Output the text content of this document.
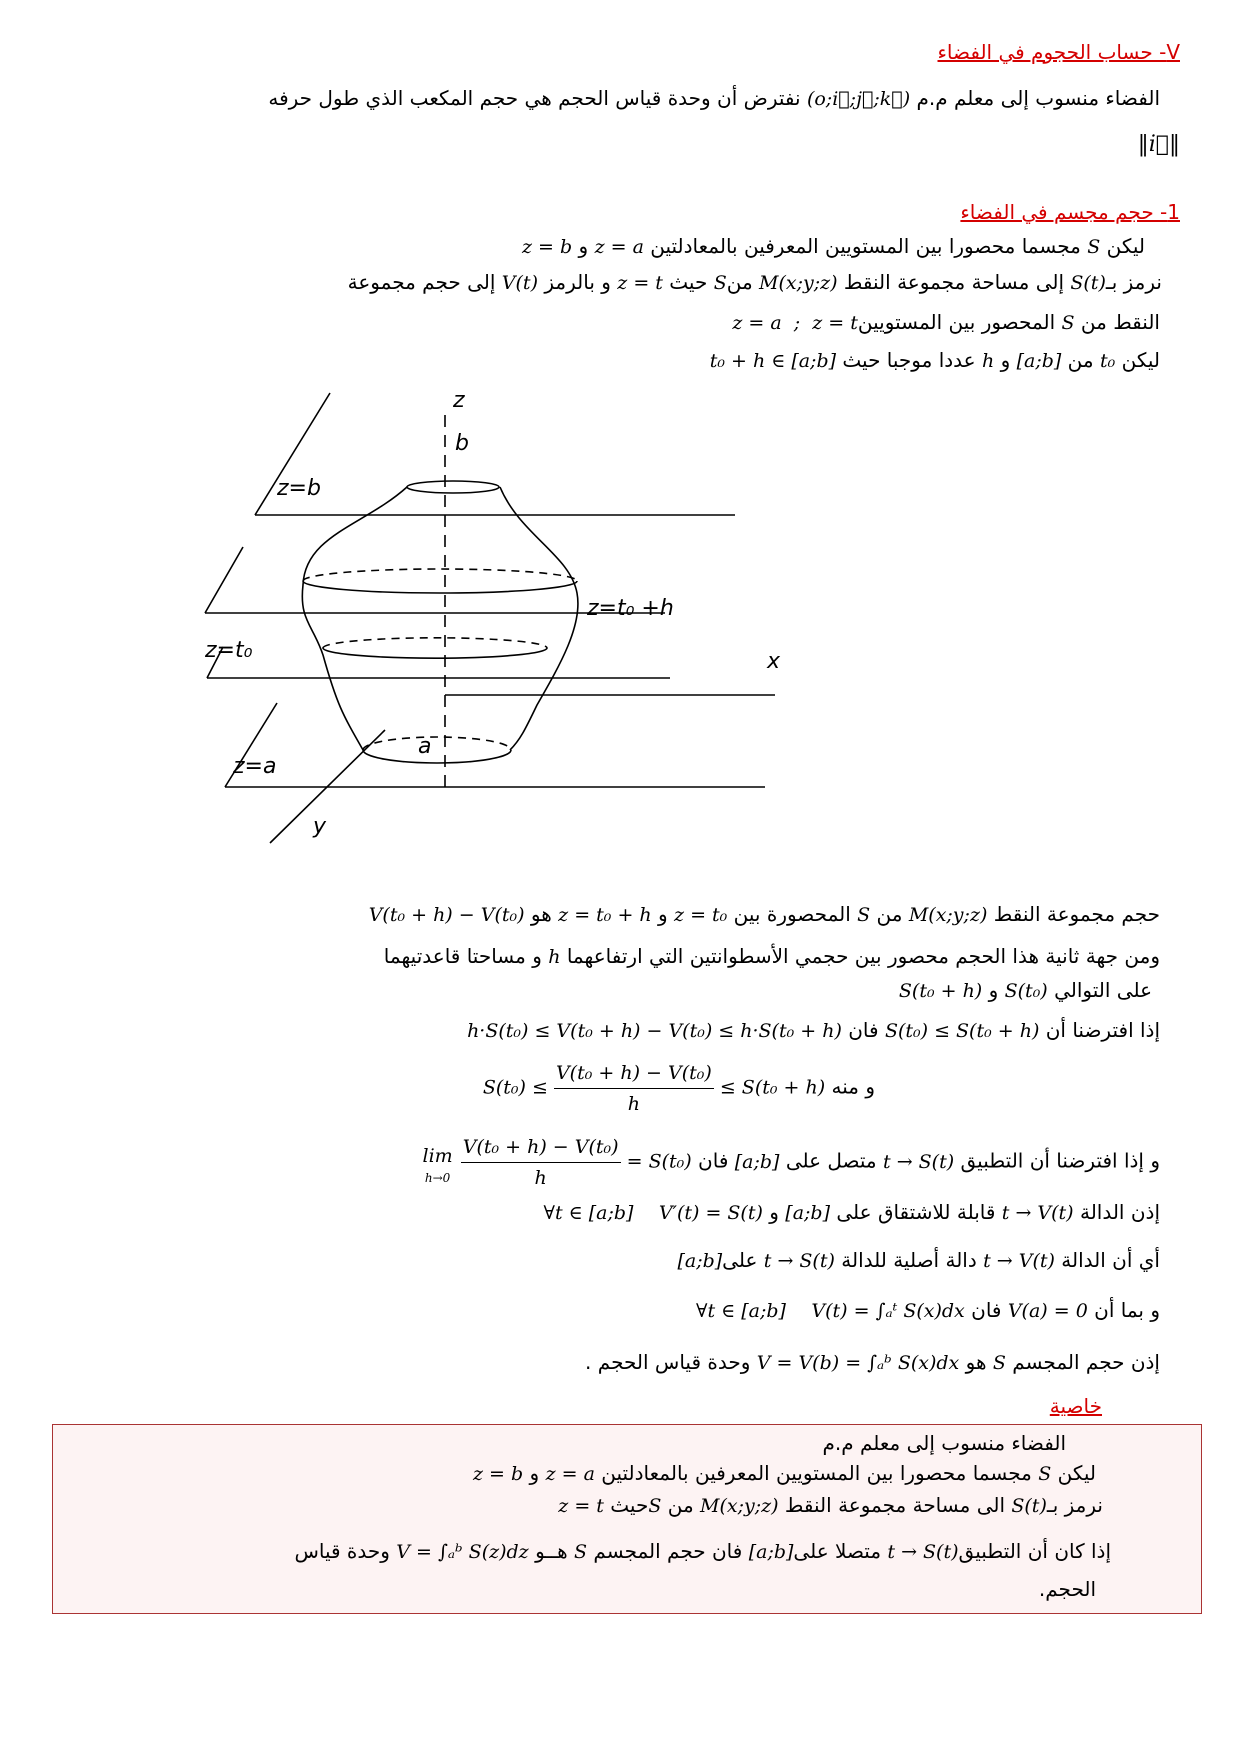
V- حساب الحجوم في الفضاء
الفضاء منسوب إلى معلم م.م (o;i⃗;j⃗;k⃗) نفترض أن وحدة قياس الحجم هي حجم المكعب الذي طول حرفه
‖i⃗‖
1- حجم مجسم في الفضاء
ليكن S مجسما محصورا بين المستويين المعرفين بالمعادلتين z = a و z = b
نرمز بـS(t) إلى مساحة مجموعة النقط M(x;y;z) منS حيث z = t و بالرمز V(t) إلى حجم مجموعة
النقط من S المحصور بين المستويينz = a  ;  z = t
ليكن t₀ من [a;b] و h عددا موجبا حيث t₀ + h ∈ [a;b]
z
b
z=b
z=t₀ +h
z=t₀	x
a
z=a
y
حجم مجموعة النقط M(x;y;z) من S المحصورة بين z = t₀ و z = t₀ + h هو V(t₀ + h) − V(t₀)
ومن جهة ثانية هذا الحجم محصور بين حجمي الأسطوانتين التي ارتفاعهما h و مساحتا قاعدتيهما
على التوالي S(t₀) و S(t₀ + h)
إذا افترضنا أن S(t₀) ≤ S(t₀ + h) فان h·S(t₀) ≤ V(t₀ + h) − V(t₀) ≤ h·S(t₀ + h)
و منه $S(t_0) \le \frac{\text{V(t₀ + h) − V(t₀)}}{h} \le S(t_0 + h)$
و إذا افترضنا أن التطبيق t → S(t) متصل على [a;b] فان
lim
h→0
$\frac{\text{V(t₀ + h) − V(t₀)}}{h} = S(t_0)$
إذن الدالة t → V(t) قابلة للاشتقاق على [a;b] و V′(t) = S(t)    ∀t ∈ [a;b]
أي أن الدالة t → V(t) دالة أصلية للدالة t → S(t) على[a;b]
و بما أن V(a) = 0 فان V(t) = ∫ₐᵗ S(x)dx    ∀t ∈ [a;b]
إذن حجم المجسم S هو V = V(b) = ∫ₐᵇ S(x)dx وحدة قياس الحجم .
خاصية
الفضاء منسوب إلى معلم م.م
ليكن S مجسما محصورا بين المستويين المعرفين بالمعادلتين z = a و z = b
نرمز بـS(t) الى مساحة مجموعة النقط M(x;y;z) من Sحيث z = t
إذا كان أن التطبيقt → S(t) متصلا على[a;b] فان حجم المجسم S هــو V = ∫ₐᵇ S(z)dz وحدة قياس
الحجم.
